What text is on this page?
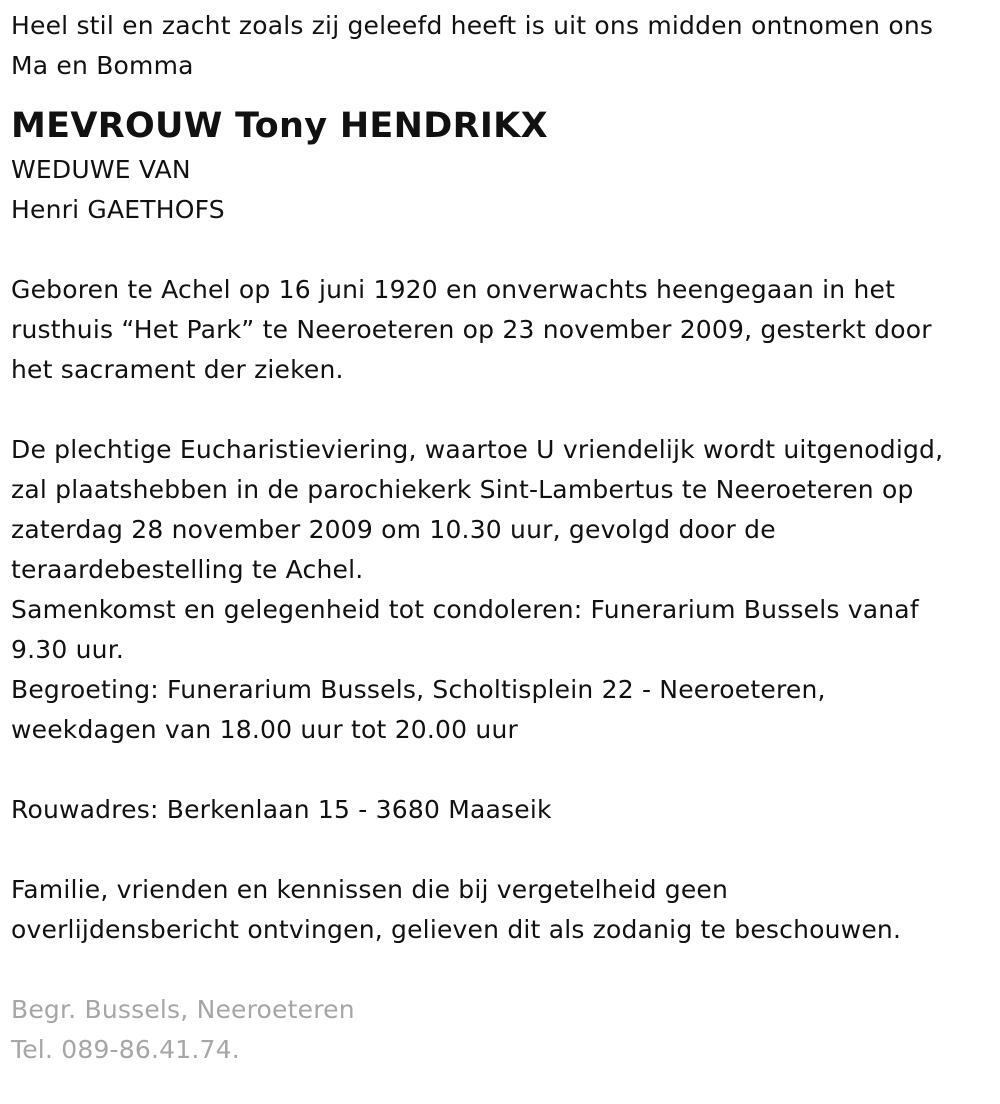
Heel stil en zacht zoals zij geleefd heeft is uit ons midden ontnomen ons
Ma en Bomma
MEVROUW Tony HENDRIKX
WEDUWE VAN
Henri GAETHOFS
Geboren te Achel op 16 juni 1920 en onverwachts heengegaan in het
rusthuis “Het Park” te Neeroeteren op 23 november 2009, gesterkt door
het sacrament der zieken.
De plechtige Eucharistieviering, waartoe U vriendelijk wordt uitgenodigd,
zal plaatshebben in de parochiekerk Sint-Lambertus te Neeroeteren op
zaterdag 28 november 2009 om 10.30 uur, gevolgd door de
teraardebestelling te Achel.
Samenkomst en gelegenheid tot condoleren: Funerarium Bussels vanaf
9.30 uur.
Begroeting: Funerarium Bussels, Scholtisplein 22 - Neeroeteren,
weekdagen van 18.00 uur tot 20.00 uur
Rouwadres: Berkenlaan 15 - 3680 Maaseik
Familie, vrienden en kennissen die bij vergetelheid geen
overlijdensbericht ontvingen, gelieven dit als zodanig te beschouwen.
Begr. Bussels, Neeroeteren
Tel. 089-86.41.74.
